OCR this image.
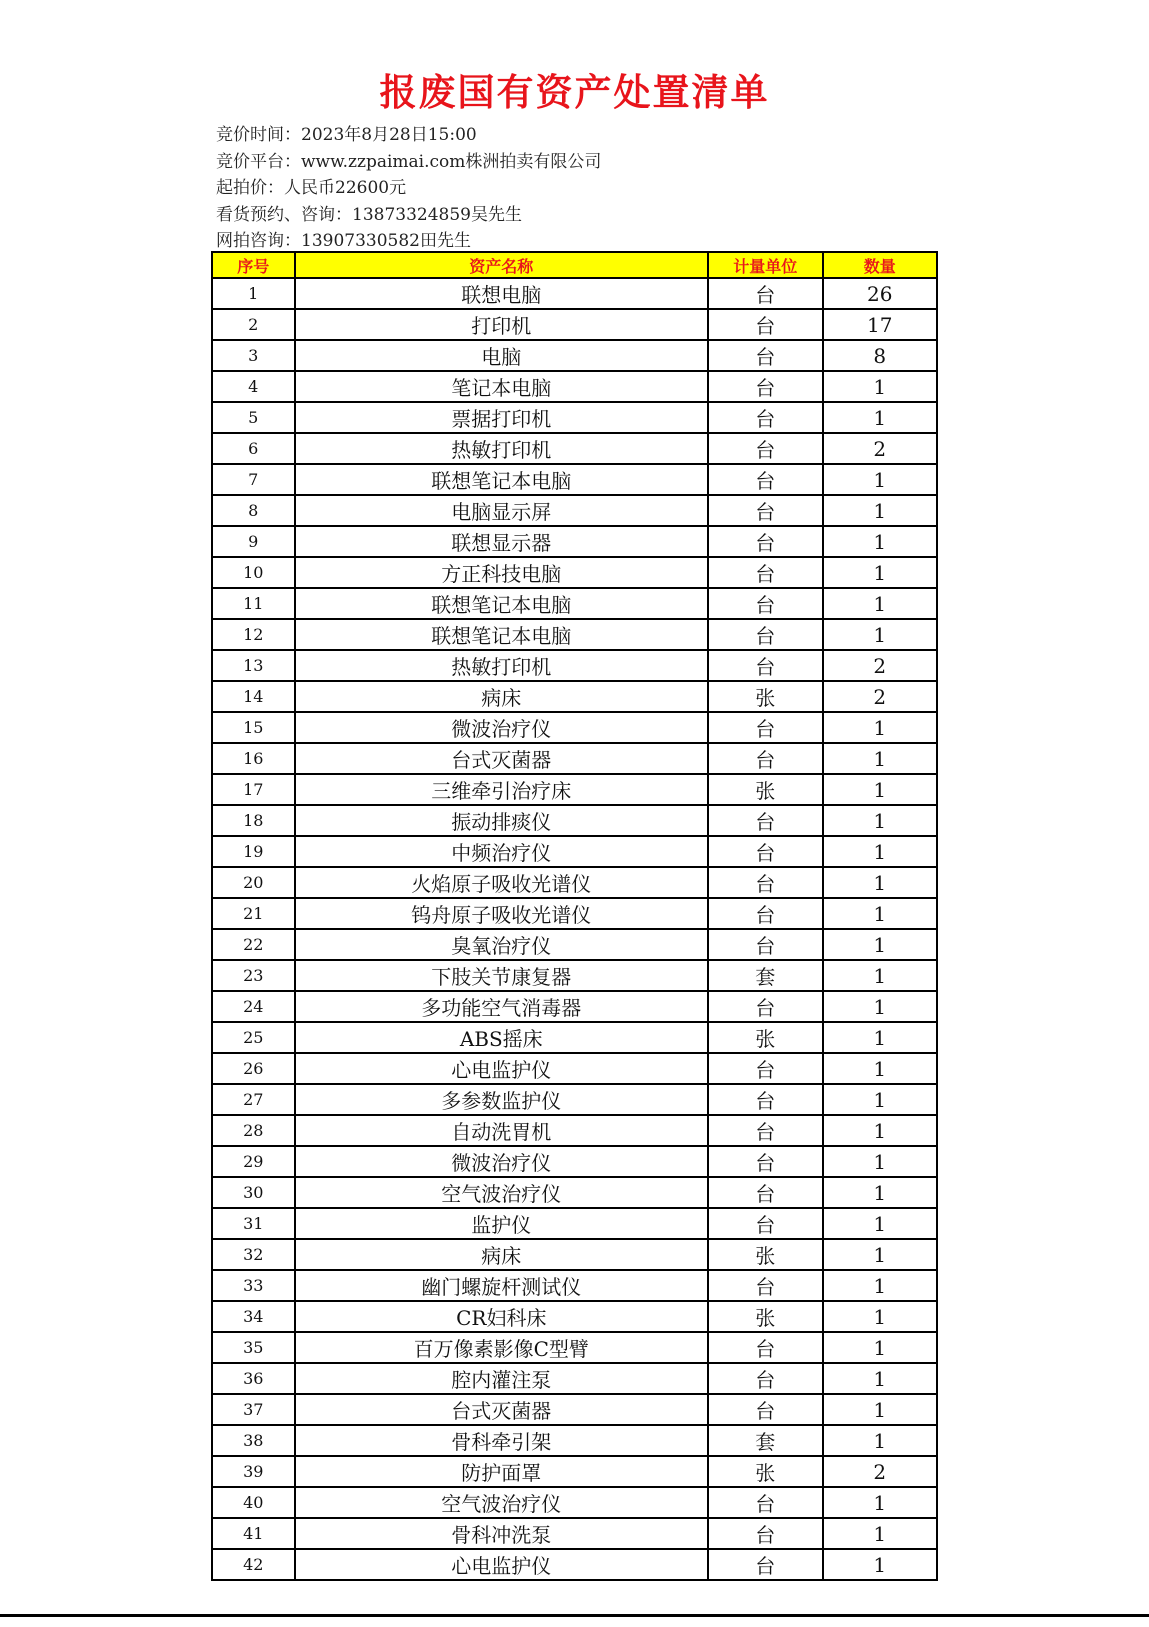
报废国有资产处置清单
竞价时间：2023年8月28日15:00
竞价平台：www.zzpaimai.com株洲拍卖有限公司
起拍价：人民币22600元
看货预约、咨询：13873324859吴先生
网拍咨询：13907330582田先生
序号	资产名称	计量单位	数量
1	联想电脑	台	26
2	打印机	台	17
3	电脑	台	8
4	笔记本电脑	台	1
5	票据打印机	台	1
6	热敏打印机	台	2
7	联想笔记本电脑	台	1
8	电脑显示屏	台	1
9	联想显示器	台	1
10	方正科技电脑	台	1
11	联想笔记本电脑	台	1
12	联想笔记本电脑	台	1
13	热敏打印机	台	2
14	病床	张	2
15	微波治疗仪	台	1
16	台式灭菌器	台	1
17	三维牵引治疗床	张	1
18	振动排痰仪	台	1
19	中频治疗仪	台	1
20	火焰原子吸收光谱仪	台	1
21	钨舟原子吸收光谱仪	台	1
22	臭氧治疗仪	台	1
23	下肢关节康复器	套	1
24	多功能空气消毒器	台	1
25	ABS摇床	张	1
26	心电监护仪	台	1
27	多参数监护仪	台	1
28	自动洗胃机	台	1
29	微波治疗仪	台	1
30	空气波治疗仪	台	1
31	监护仪	台	1
32	病床	张	1
33	幽门螺旋杆测试仪	台	1
34	CR妇科床	张	1
35	百万像素影像C型臂	台	1
36	腔内灌注泵	台	1
37	台式灭菌器	台	1
38	骨科牵引架	套	1
39	防护面罩	张	2
40	空气波治疗仪	台	1
41	骨科冲洗泵	台	1
42	心电监护仪	台	1
